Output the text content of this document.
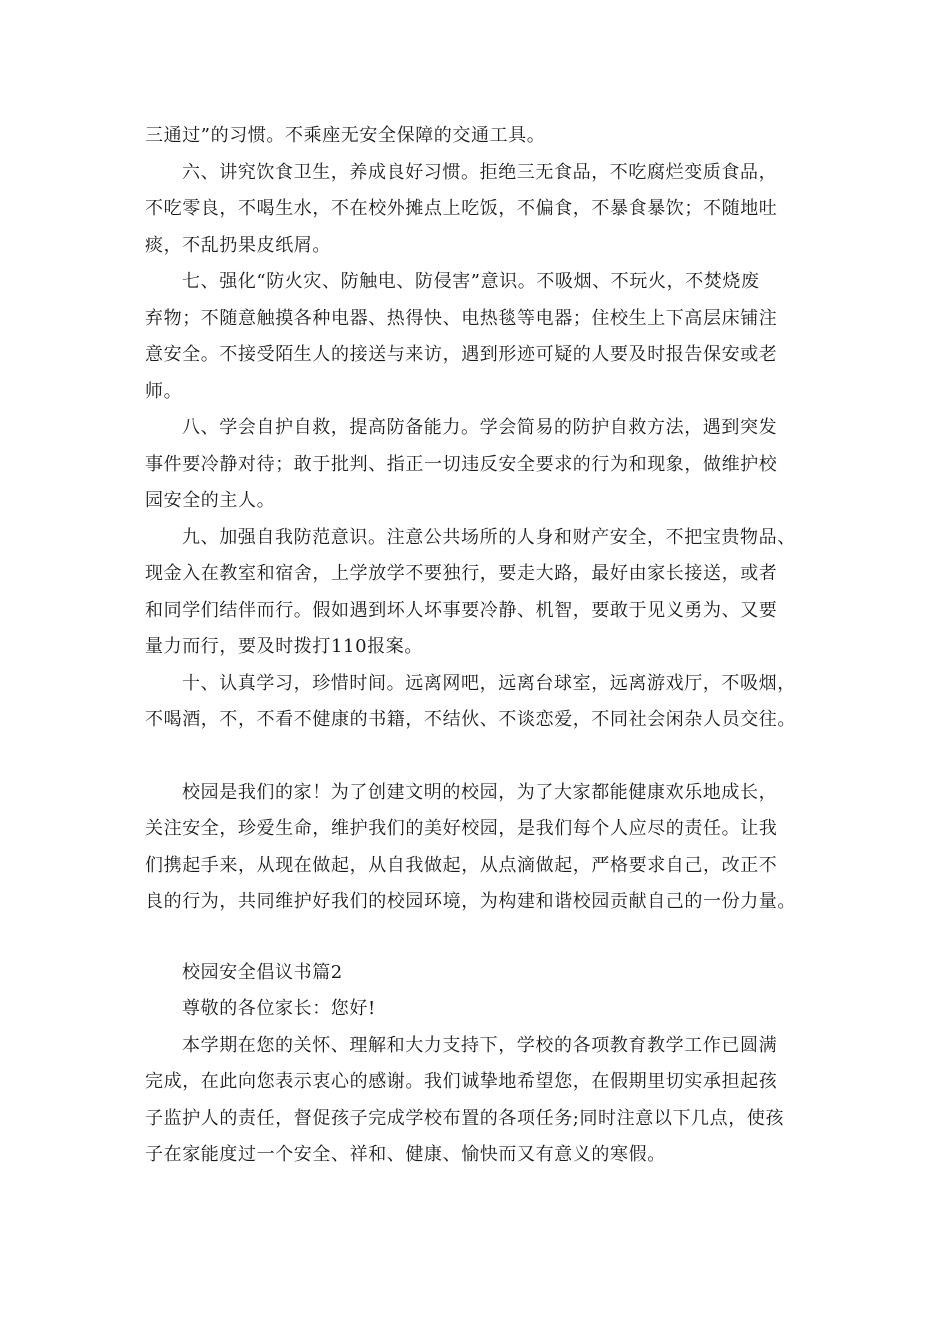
三通过”的习惯。不乘座无安全保障的交通工具。

六、讲究饮食卫生，养成良好习惯。拒绝三无食品，不吃腐烂变质食品，
不吃零良，不喝生水，不在校外摊点上吃饭，不偏食，不暴食暴饮；不随地吐
痰，不乱扔果皮纸屑。

七、强化“防火灾、防触电、防侵害”意识。不吸烟、不玩火，不焚烧废
弃物；不随意触摸各种电器、热得快、电热毯等电器；住校生上下高层床铺注
意安全。不接受陌生人的接送与来访，遇到形迹可疑的人要及时报告保安或老
师。

八、学会自护自救，提高防备能力。学会简易的防护自救方法，遇到突发
事件要冷静对待；敢于批判、指正一切违反安全要求的行为和现象，做维护校
园安全的主人。

九、加强自我防范意识。注意公共场所的人身和财产安全，不把宝贵物品、
现金入在教室和宿舍，上学放学不要独行，要走大路，最好由家长接送，或者
和同学们结伴而行。假如遇到坏人坏事要冷静、机智，要敢于见义勇为、又要
量力而行，要及时拨打110报案。

十、认真学习，珍惜时间。远离网吧，远离台球室，远离游戏厅，不吸烟，
不喝酒，不，不看不健康的书籍，不结伙、不谈恋爱，不同社会闲杂人员交往。

校园是我们的家！为了创建文明的校园，为了大家都能健康欢乐地成长，
关注安全，珍爱生命，维护我们的美好校园，是我们每个人应尽的责任。让我
们携起手来，从现在做起，从自我做起，从点滴做起，严格要求自己，改正不
良的行为，共同维护好我们的校园环境，为构建和谐校园贡献自己的一份力量。

校园安全倡议书篇2

尊敬的各位家长：您好!

本学期在您的关怀、理解和大力支持下，学校的各项教育教学工作已圆满
完成，在此向您表示衷心的感谢。我们诚挚地希望您，在假期里切实承担起孩
子监护人的责任，督促孩子完成学校布置的各项任务;同时注意以下几点，使孩
子在家能度过一个安全、祥和、健康、愉快而又有意义的寒假。
